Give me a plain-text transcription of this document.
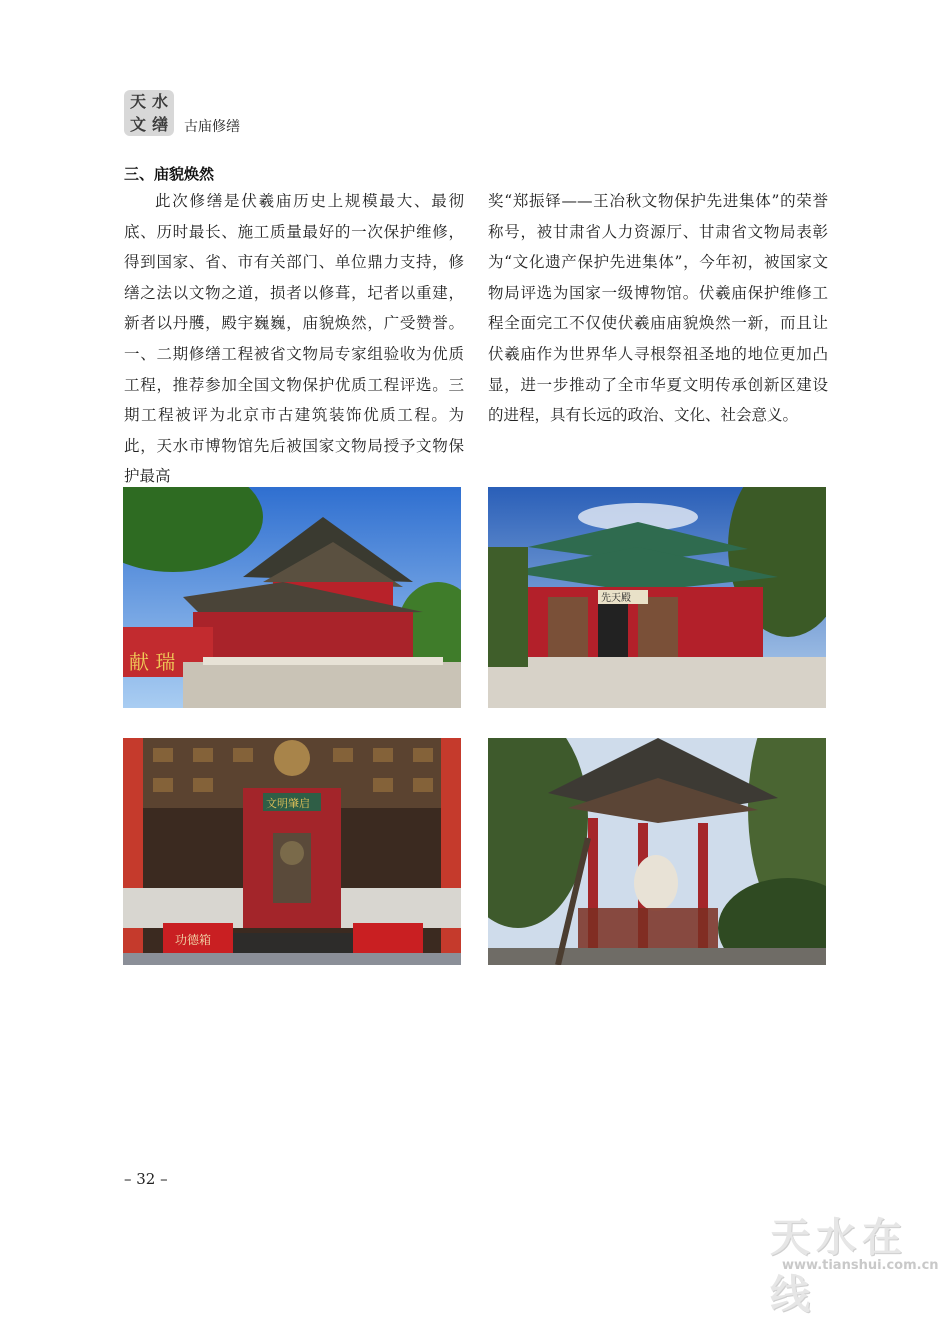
天 水
文 缮 古庙修缮
三、庙貌焕然
此次修缮是伏羲庙历史上规模最大、最彻底、历时最长、施工质量最好的一次保护维修，得到国家、省、市有关部门、单位鼎力支持，修缮之法以文物之道，损者以修葺，圮者以重建，新者以丹雘，殿宇巍巍，庙貌焕然，广受赞誉。一、二期修缮工程被省文物局专家组验收为优质工程，推荐参加全国文物保护优质工程评选。三期工程被评为北京市古建筑装饰优质工程。为此，天水市博物馆先后被国家文物局授予文物保护最高
奖“郑振铎——王冶秋文物保护先进集体”的荣誉称号，被甘肃省人力资源厅、甘肃省文物局表彰为“文化遗产保护先进集体”，今年初，被国家文物局评选为国家一级博物馆。伏羲庙保护维修工程全面完工不仅使伏羲庙庙貌焕然一新，而且让伏羲庙作为世界华人寻根祭祖圣地的地位更加凸显，进一步推动了全市华夏文明传承创新区建设的进程，具有长远的政治、文化、社会意义。
献 瑞
先天殿
文明肇启
功德箱
– 32 –
天水在线
www.tianshui.com.cn
